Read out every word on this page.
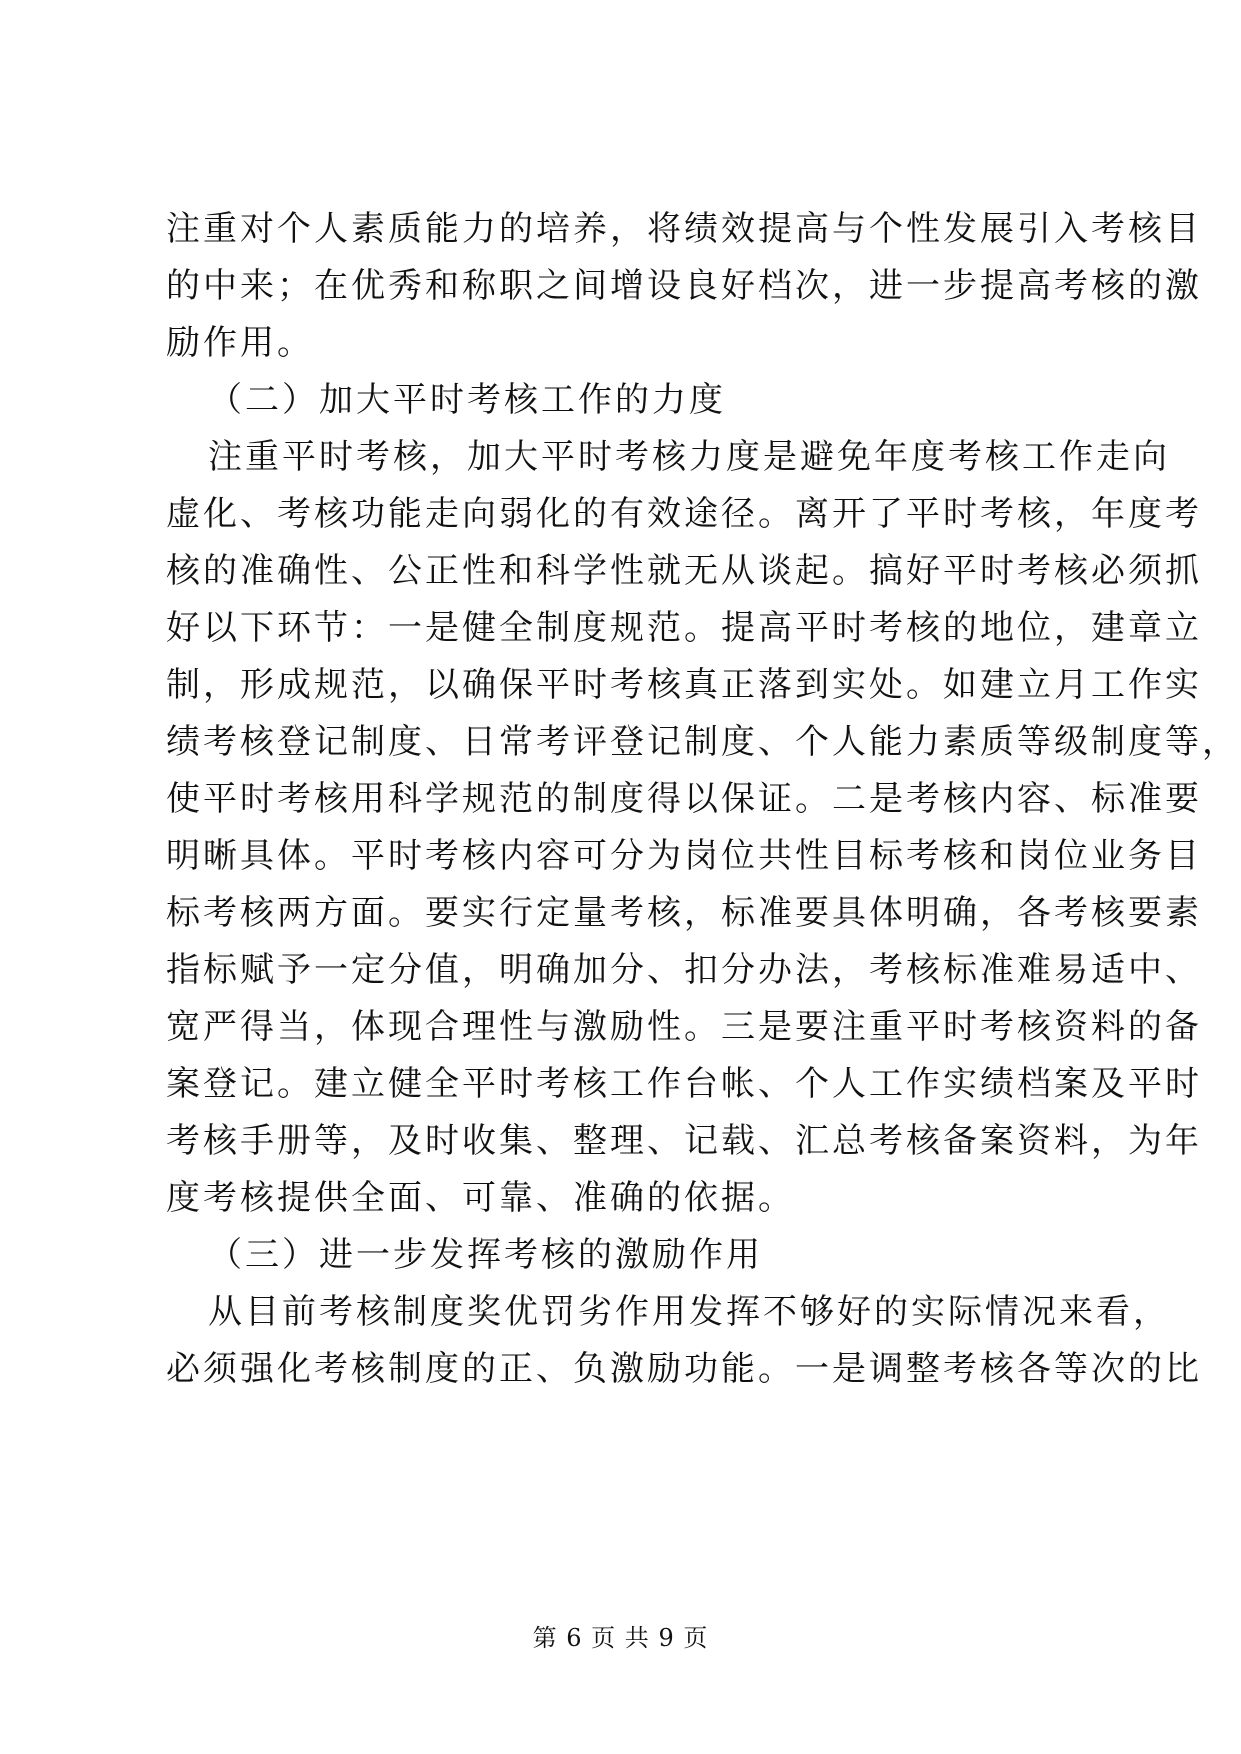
注重对个人素质能力的培养，将绩效提高与个性发展引入考核目
的中来；在优秀和称职之间增设良好档次，进一步提高考核的激
励作用。
（二）加大平时考核工作的力度
注重平时考核，加大平时考核力度是避免年度考核工作走向
虚化、考核功能走向弱化的有效途径。离开了平时考核，年度考
核的准确性、公正性和科学性就无从谈起。搞好平时考核必须抓
好以下环节：一是健全制度规范。提高平时考核的地位，建章立
制，形成规范，以确保平时考核真正落到实处。如建立月工作实
绩考核登记制度、日常考评登记制度、个人能力素质等级制度等，
使平时考核用科学规范的制度得以保证。二是考核内容、标准要
明晰具体。平时考核内容可分为岗位共性目标考核和岗位业务目
标考核两方面。要实行定量考核，标准要具体明确，各考核要素
指标赋予一定分值，明确加分、扣分办法，考核标准难易适中、
宽严得当，体现合理性与激励性。三是要注重平时考核资料的备
案登记。建立健全平时考核工作台帐、个人工作实绩档案及平时
考核手册等，及时收集、整理、记载、汇总考核备案资料，为年
度考核提供全面、可靠、准确的依据。
（三）进一步发挥考核的激励作用
从目前考核制度奖优罚劣作用发挥不够好的实际情况来看，
必须强化考核制度的正、负激励功能。一是调整考核各等次的比
第 6 页 共 9 页
